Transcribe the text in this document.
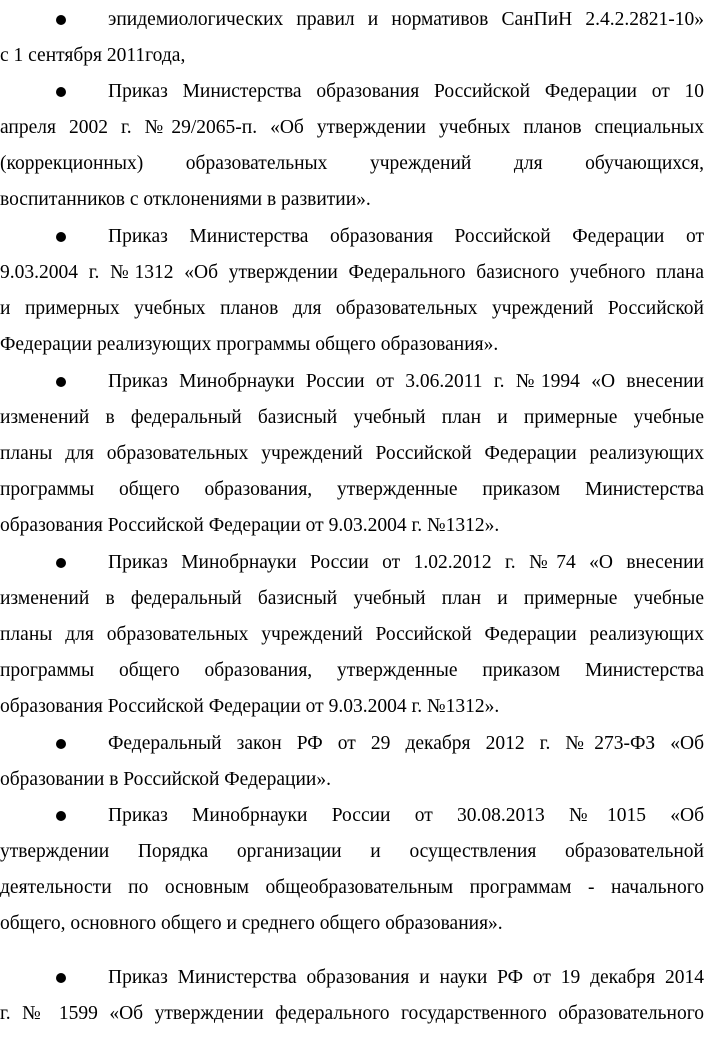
эпидемиологических правил и нормативов СанПиН 2.4.2.2821-10»
с 1 сентября 2011года,
Приказ Министерства образования Российской Федерации от 10
апреля 2002 г. №29/2065-п. «Об утверждении учебных планов специальных
(коррекционных) образовательных учреждений для обучающихся,
воспитанников с отклонениями в развитии».
Приказ Министерства образования Российской Федерации от
9.03.2004 г. №1312 «Об утверждении Федерального базисного учебного плана
и примерных учебных планов для образовательных учреждений Российской
Федерации реализующих программы общего образования».
Приказ Минобрнауки России от 3.06.2011 г. №1994 «О внесении
изменений в федеральный базисный учебный план и примерные учебные
планы для образовательных учреждений Российской Федерации реализующих
программы общего образования, утвержденные приказом Министерства
образования Российской Федерации от 9.03.2004 г. №1312».
Приказ Минобрнауки России от 1.02.2012 г. №74 «О внесении
изменений в федеральный базисный учебный план и примерные учебные
планы для образовательных учреждений Российской Федерации реализующих
программы общего образования, утвержденные приказом Министерства
образования Российской Федерации от 9.03.2004 г. №1312».
Федеральный закон РФ от 29 декабря 2012 г. №273-ФЗ «Об
образовании в Российской Федерации».
Приказ Минобрнауки России от 30.08.2013 №1015 «Об
утверждении Порядка организации и осуществления образовательной
деятельности по основным общеобразовательным программам - начального
общего, основного общего и среднего общего образования».
Приказ Министерства образования и науки РФ от 19 декабря 2014
г. № 1599 «Об утверждении федерального государственного образовательного
